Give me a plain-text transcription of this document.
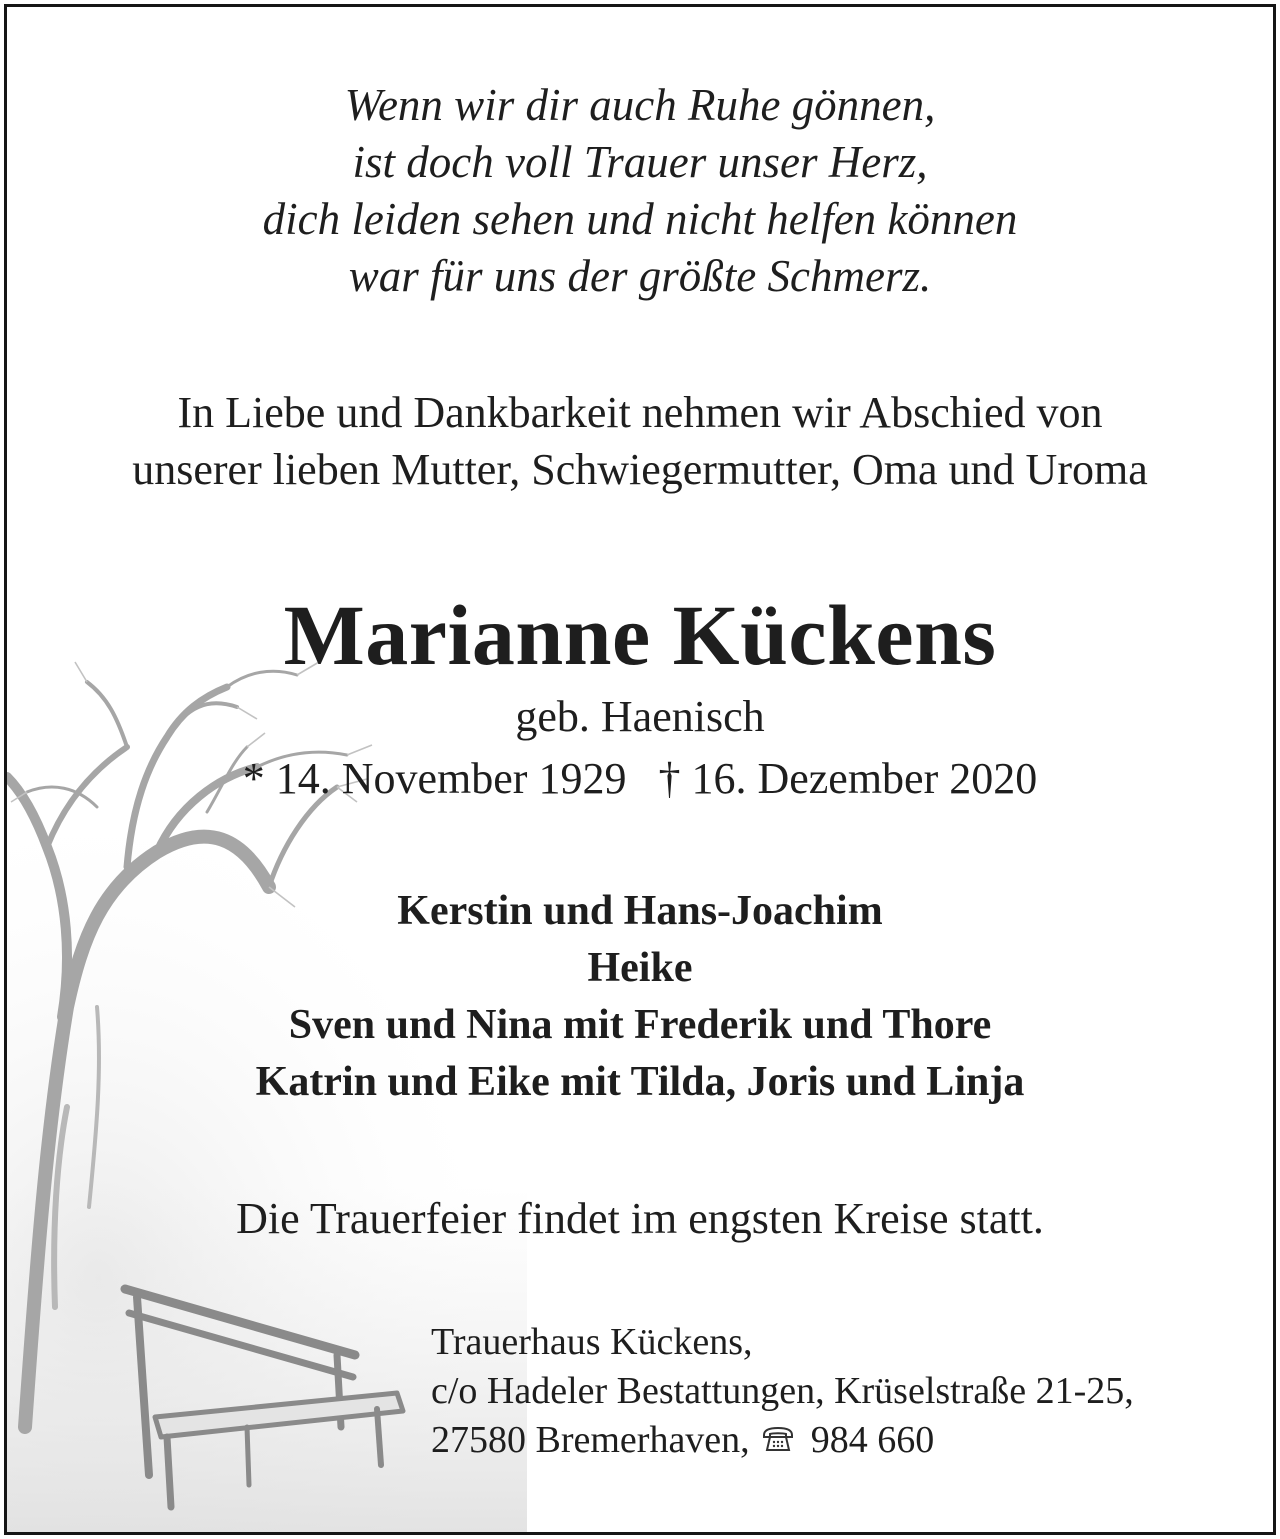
Wenn wir dir auch Ruhe gönnen,
ist doch voll Trauer unser Herz,
dich leiden sehen und nicht helfen können
war für uns der größte Schmerz.
In Liebe und Dankbarkeit nehmen wir Abschied von
unserer lieben Mutter, Schwiegermutter, Oma und Uroma
Marianne Kückens
geb. Haenisch
* 14. November 1929 † 16. Dezember 2020
Kerstin und Hans-Joachim
Heike
Sven und Nina mit Frederik und Thore
Katrin und Eike mit Tilda, Joris und Linja
Die Trauerfeier findet im engsten Kreise statt.
Trauerhaus Kückens,
c/o Hadeler Bestattungen, Krüselstraße 21-25,
27580 Bremerhaven, 984 660
